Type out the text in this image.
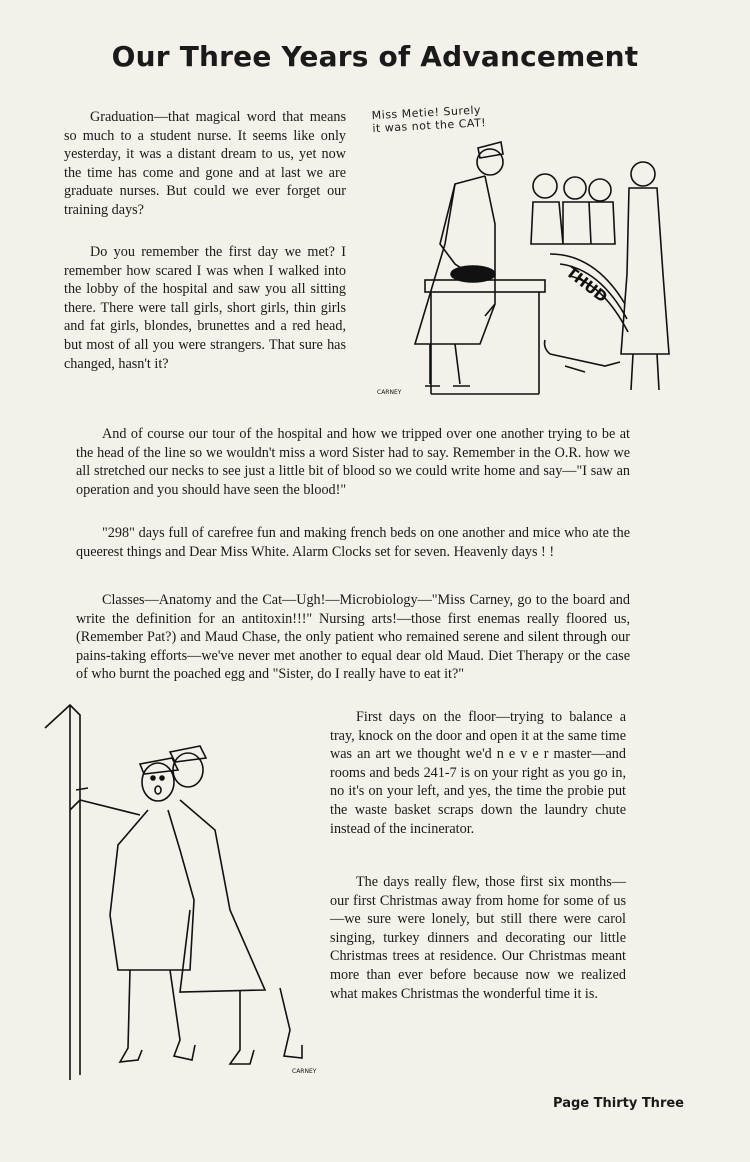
Our Three Years of Advancement

Graduation—that magical word that means so much to a student nurse. It seems like only yesterday, it was a distant dream to us, yet now the time has come and gone and at last we are graduate nurses. But could we ever forget our training days?

Do you remember the first day we met? I remember how scared I was when I walked into the lobby of the hospital and saw you all sitting there. There were tall girls, short girls, thin girls and fat girls, blondes, brunettes and a red head, but most of all you were strangers. That sure has changed, hasn't it?

Miss Metie! Surely it was not the CAT!
THUD
CARNEY

And of course our tour of the hospital and how we tripped over one another trying to be at the head of the line so we wouldn't miss a word Sister had to say. Remember in the O.R. how we all stretched our necks to see just a little bit of blood so we could write home and say—"I saw an operation and you should have seen the blood!"

"298" days full of carefree fun and making french beds on one another and mice who ate the queerest things and Dear Miss White. Alarm Clocks set for seven. Heavenly days ! !

Classes—Anatomy and the Cat—Ugh!—Microbiology—"Miss Carney, go to the board and write the definition for an antitoxin!!!" Nursing arts!—those first enemas really floored us, (Remember Pat?) and Maud Chase, the only patient who remained serene and silent through our pains-taking efforts—we've never met another to equal dear old Maud. Diet Therapy or the case of who burnt the poached egg and "Sister, do I really have to eat it?"

CARNEY

First days on the floor—trying to balance a tray, knock on the door and open it at the same time was an art we thought we'd n e v e r master—and rooms and beds 241-7 is on your right as you go in, no it's on your left, and yes, the time the probie put the waste basket scraps down the laundry chute instead of the incinerator.

The days really flew, those first six months—our first Christmas away from home for some of us—we sure were lonely, but still there were carol singing, turkey dinners and decorating our little Christmas trees at residence. Our Christmas meant more than ever before because now we realized what makes Christmas the wonderful time it is.

Page Thirty Three
